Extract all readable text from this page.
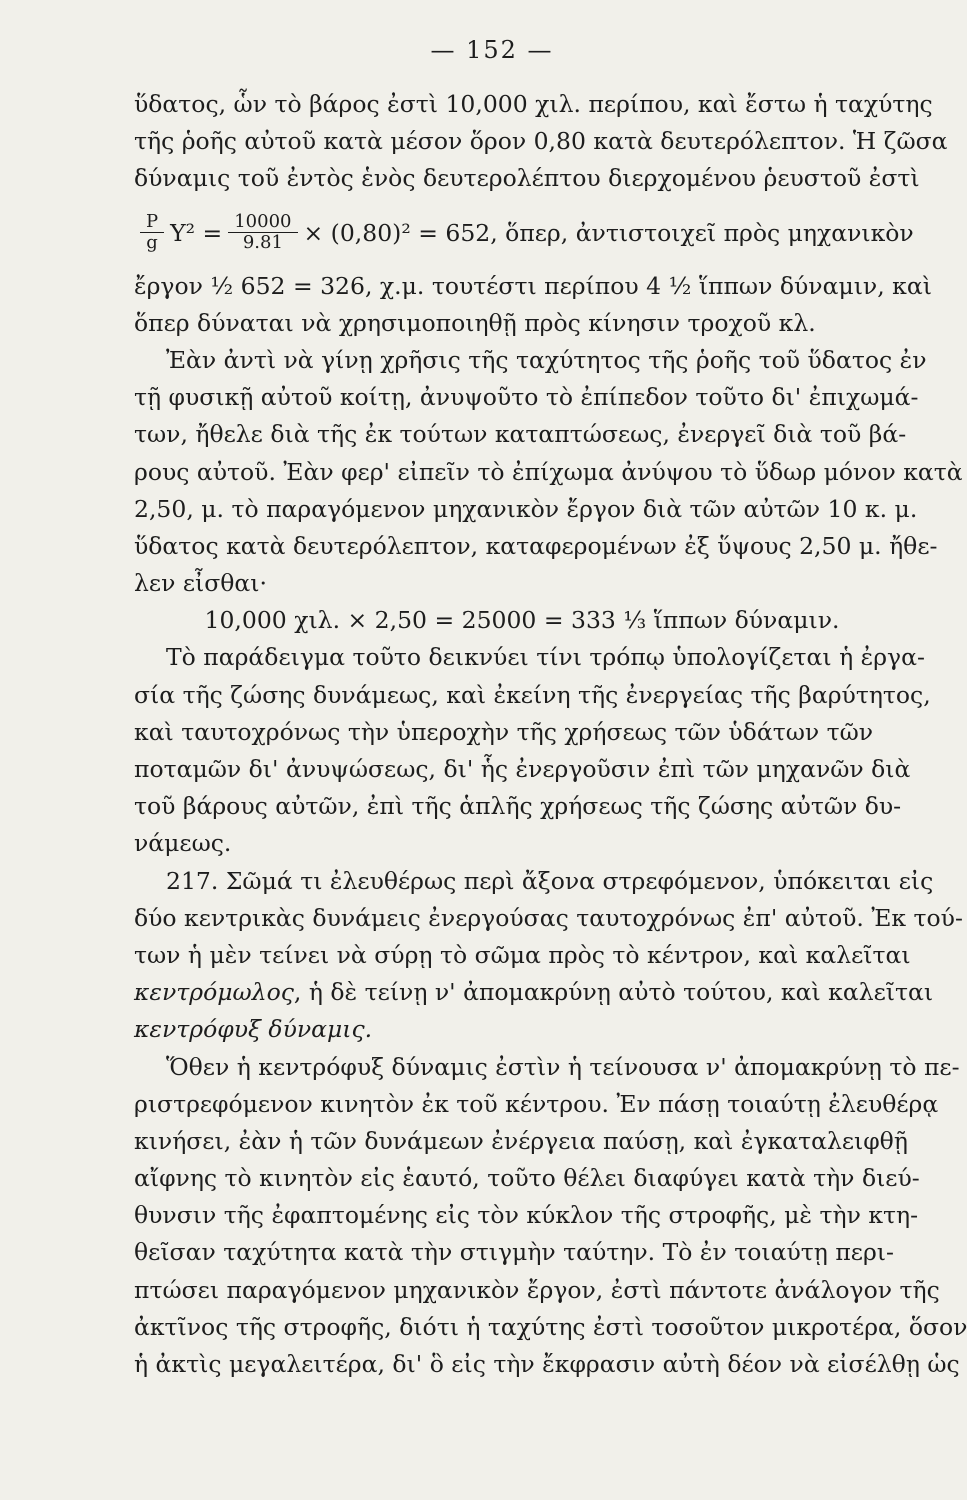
— 152 —
ὕδατος, ὧν τὸ βάρος ἐστὶ 10,000 χιλ. περίπου, καὶ ἔστω ἡ ταχύτης
τῆς ῥοῆς αὐτοῦ κατὰ μέσον ὅρον 0,80 κατὰ δευτερόλεπτον. Ἡ ζῶσα
δύναμις τοῦ ἐντὸς ἑνὸς δευτερολέπτου διερχομένου ῥευστοῦ ἐστὶ
$\frac{P}{g} \Upsilon^2 = \frac{10000}{9.81} \times (0,80)^2 = 652$, ὅπερ, ἀντιστοιχεῖ πρὸς μηχανικὸν
ἔργον ½ 652 = 326, χ.μ. τουτέστι περίπου 4 ½ ἵππων δύναμιν, καὶ
ὅπερ δύναται νὰ χρησιμοποιηθῇ πρὸς κίνησιν τροχοῦ κλ.
Ἐὰν ἀντὶ νὰ γίνῃ χρῆσις τῆς ταχύτητος τῆς ῥοῆς τοῦ ὕδατος ἐν
τῇ φυσικῇ αὐτοῦ κοίτῃ, ἀνυψοῦτο τὸ ἐπίπεδον τοῦτο δι' ἐπιχωμά-
των, ἤθελε διὰ τῆς ἐκ τούτων καταπτώσεως, ἐνεργεῖ διὰ τοῦ βά-
ρους αὐτοῦ. Ἐὰν φερ' εἰπεῖν τὸ ἐπίχωμα ἀνύψου τὸ ὕδωρ μόνον κατὰ
2,50, μ. τὸ παραγόμενον μηχανικὸν ἔργον διὰ τῶν αὐτῶν 10 κ. μ.
ὕδατος κατὰ δευτερόλεπτον, καταφερομένων ἐξ ὕψους 2,50 μ. ἤθε-
λεν εἶσθαι·
10,000 χιλ. × 2,50 = 25000 = 333 ⅓ ἵππων δύναμιν.
Τὸ παράδειγμα τοῦτο δεικνύει τίνι τρόπῳ ὑπολογίζεται ἡ ἐργα-
σία τῆς ζώσης δυνάμεως, καὶ ἐκείνη τῆς ἐνεργείας τῆς βαρύτητος,
καὶ ταυτοχρόνως τὴν ὑπεροχὴν τῆς χρήσεως τῶν ὑδάτων τῶν
ποταμῶν δι' ἀνυψώσεως, δι' ἧς ἐνεργοῦσιν ἐπὶ τῶν μηχανῶν διὰ
τοῦ βάρους αὐτῶν, ἐπὶ τῆς ἁπλῆς χρήσεως τῆς ζώσης αὐτῶν δυ-
νάμεως.
217. Σῶμά τι ἐλευθέρως περὶ ἄξονα στρεφόμενον, ὑπόκειται εἰς
δύο κεντρικὰς δυνάμεις ἐνεργούσας ταυτοχρόνως ἐπ' αὐτοῦ. Ἐκ τού-
των ἡ μὲν τείνει νὰ σύρῃ τὸ σῶμα πρὸς τὸ κέντρον, καὶ καλεῖται
κεντρόμωλος, ἡ δὲ τείνῃ ν' ἀπομακρύνῃ αὐτὸ τούτου, καὶ καλεῖται
κεντρόφυξ δύναμις.
Ὅθεν ἡ κεντρόφυξ δύναμις ἐστὶν ἡ τείνουσα ν' ἀπομακρύνῃ τὸ πε-
ριστρεφόμενον κινητὸν ἐκ τοῦ κέντρου. Ἐν πάσῃ τοιαύτῃ ἐλευθέρᾳ
κινήσει, ἐὰν ἡ τῶν δυνάμεων ἐνέργεια παύσῃ, καὶ ἐγκαταλειφθῇ
αἴφνης τὸ κινητὸν εἰς ἑαυτό, τοῦτο θέλει διαφύγει κατὰ τὴν διεύ-
θυνσιν τῆς ἐφαπτομένης εἰς τὸν κύκλον τῆς στροφῆς, μὲ τὴν κτη-
θεῖσαν ταχύτητα κατὰ τὴν στιγμὴν ταύτην. Τὸ ἐν τοιαύτῃ περι-
πτώσει παραγόμενον μηχανικὸν ἔργον, ἐστὶ πάντοτε ἀνάλογον τῆς
ἀκτῖνος τῆς στροφῆς, διότι ἡ ταχύτης ἐστὶ τοσοῦτον μικροτέρα, ὅσον
ἡ ἀκτὶς μεγαλειτέρα, δι' ὃ εἰς τὴν ἔκφρασιν αὐτὴ δέον νὰ εἰσέλθῃ ὡς
